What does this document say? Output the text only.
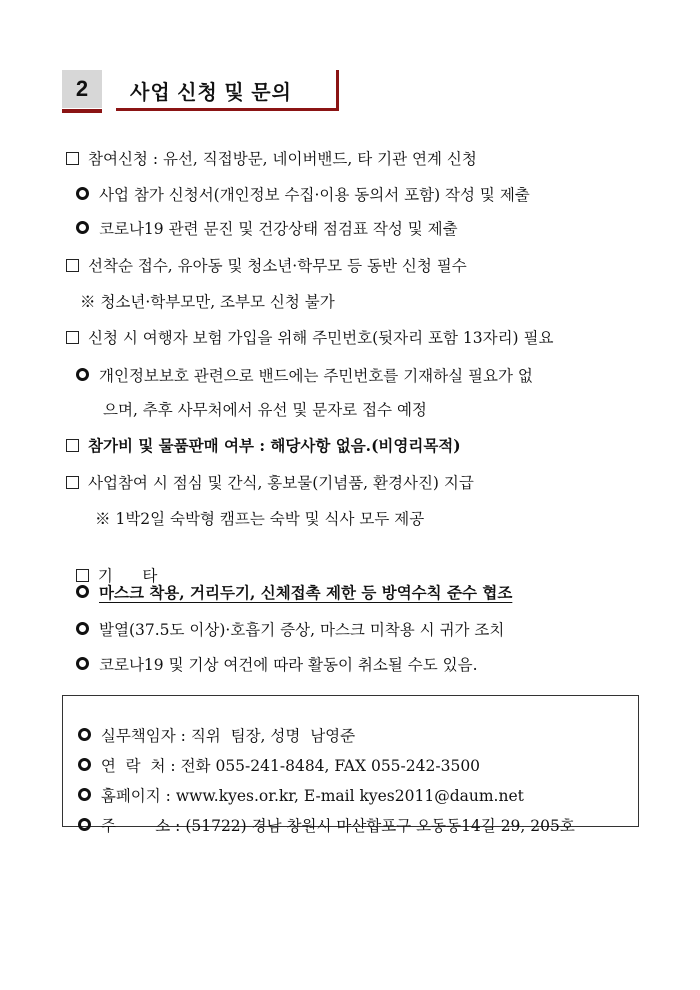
2	사업 신청 및 문의
참여신청 : 유선, 직접방문, 네이버밴드, 타 기관 연계 신청
사업 참가 신청서(개인정보 수집·이용 동의서 포함) 작성 및 제출
코로나19 관련 문진 및 건강상태 점검표 작성 및 제출
선착순 접수, 유아동 및 청소년·학무모 등 동반 신청 필수
※ 청소년·학부모만, 조부모 신청 불가
신청 시 여행자 보험 가입을 위해 주민번호(뒷자리 포함 13자리) 필요
개인정보보호 관련으로 밴드에는 주민번호를 기재하실 필요가 없
으며, 추후 사무처에서 유선 및 문자로 접수 예정
참가비 및 물품판매 여부 : 해당사항 없음.(비영리목적)
사업참여 시 점심 및 간식, 홍보물(기념품, 환경사진) 지급
※ 1박2일 숙박형 캠프는 숙박 및 식사 모두 제공

기      타

마스크 착용, 거리두기, 신체접촉 제한 등 방역수칙 준수 협조
발열(37.5도 이상)·호흡기 증상, 마스크 미착용 시 귀가 조치
코로나19 및 기상 여건에 따라 활동이 취소될 수도 있음.

실무책임자 : 직위  팀장, 성명  남영준

연  락  처 : 전화 055-241-8484, FAX 055-242-3500

홈페이지 : www.kyes.or.kr, E-mail kyes2011@daum.net

주        소 : (51722) 경남 창원시 마산합포구 오동동14길 29, 205호
